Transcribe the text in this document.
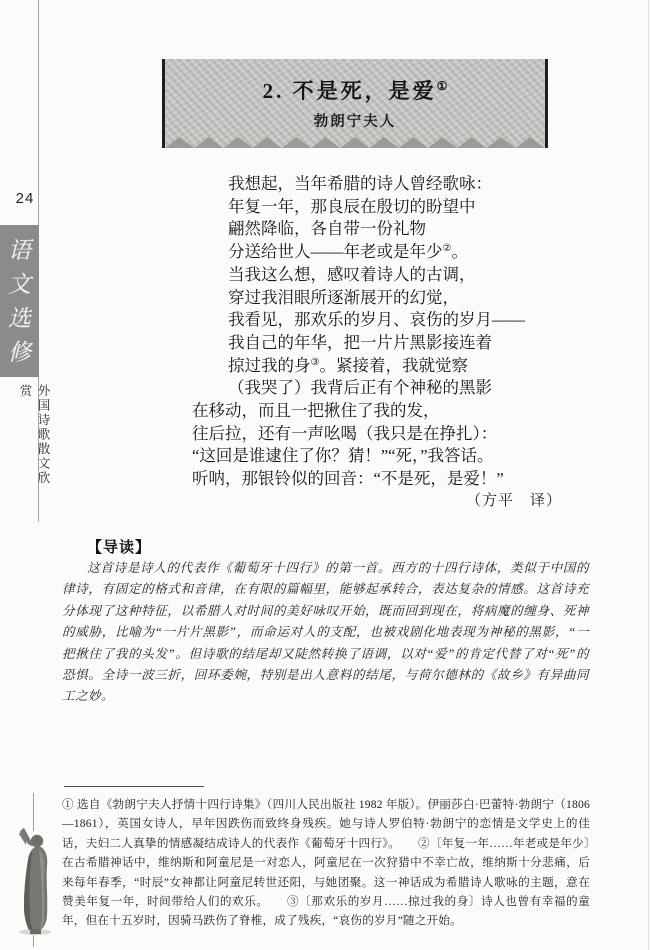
24
语
文
选
修
外国诗歌散文欣赏
2. 不是死，是爱①
勃朗宁夫人
我想起，当年希腊的诗人曾经歌咏：
年复一年，那良辰在殷切的盼望中
翩然降临，各自带一份礼物
分送给世人——年老或是年少②。
当我这么想，感叹着诗人的古调，
穿过我泪眼所逐渐展开的幻觉，
我看见，那欢乐的岁月、哀伤的岁月——
我自己的年华，把一片片黑影接连着
掠过我的身③。紧接着，我就觉察
（我哭了）我背后正有个神秘的黑影
在移动，而且一把揪住了我的发，
往后拉，还有一声吆喝（我只是在挣扎）：
“这回是谁逮住了你？猜！”“死，”我答话。
听呐，那银铃似的回音：“不是死，是爱！”
（方平　译）
【导读】

这首诗是诗人的代表作《葡萄牙十四行》的第一首。西方的十四行诗体，类似于中国的律诗，有固定的格式和音律，在有限的篇幅里，能够起承转合，表达复杂的情感。这首诗充分体现了这种特征，以希腊人对时间的美好咏叹开始，既而回到现在，将病魔的缠身、死神的威胁，比喻为“一片片黑影”，而命运对人的支配，也被戏剧化地表现为神秘的黑影，“一把揪住了我的头发”。但诗歌的结尾却又陡然转换了语调，以对“爱”的肯定代替了对“死”的恐惧。全诗一波三折，回环委婉，特别是出人意料的结尾，与荷尔德林的《故乡》有异曲同工之妙。

① 选自《勃朗宁夫人抒情十四行诗集》（四川人民出版社 1982 年版）。伊丽莎白·巴蕾特·勃朗宁（1806—1861），英国女诗人，早年因跌伤而致终身残疾。她与诗人罗伯特·勃朗宁的恋情是文学史上的佳话，夫妇二人真挚的情感凝结成诗人的代表作《葡萄牙十四行》。 ②〔年复一年……年老或是年少〕在古希腊神话中，维纳斯和阿童尼是一对恋人，阿童尼在一次狩猎中不幸亡故，维纳斯十分悲痛，后来每年春季，“时辰”女神都让阿童尼转世还阳，与她团聚。这一神话成为希腊诗人歌咏的主题，意在赞美年复一年，时间带给人们的欢乐。 ③〔那欢乐的岁月……掠过我的身〕诗人也曾有幸福的童年，但在十五岁时，因骑马跌伤了脊椎，成了残疾，“哀伤的岁月”随之开始。
